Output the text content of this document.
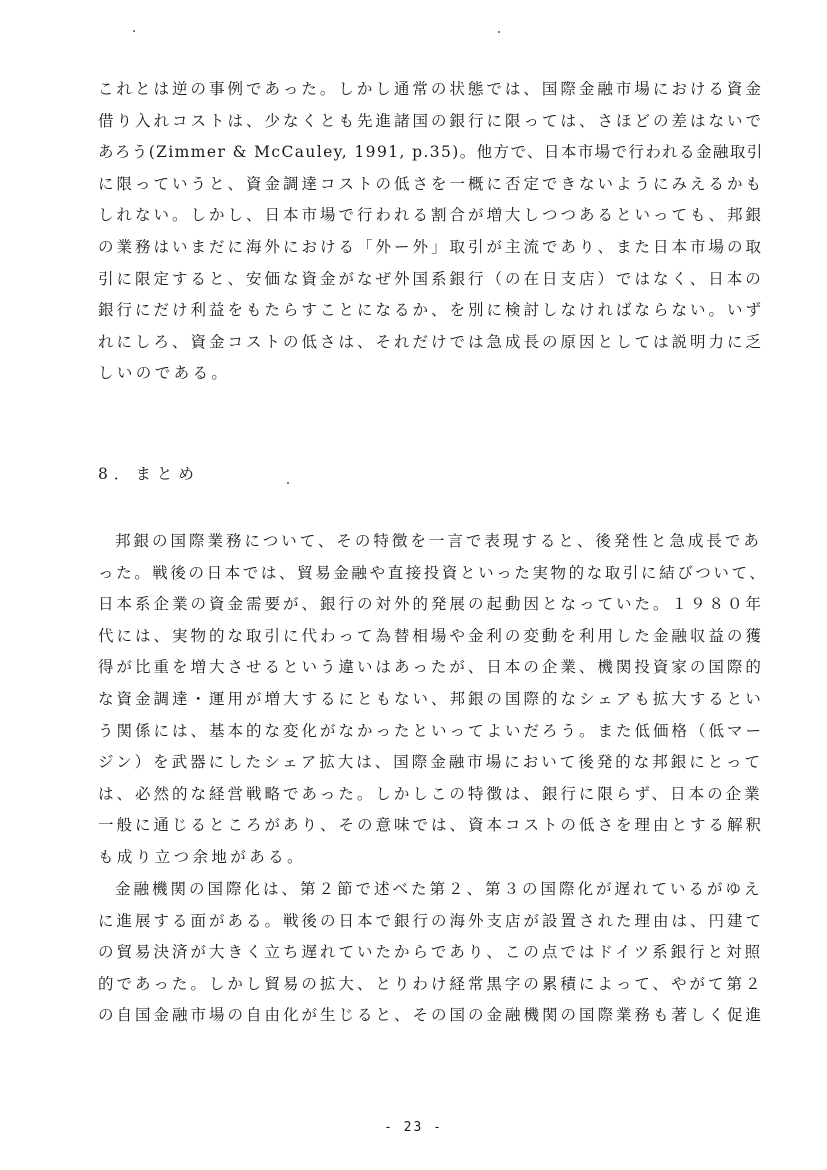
これとは逆の事例であった。しかし通常の状態では、国際金融市場における資金
借り入れコストは、少なくとも先進諸国の銀行に限っては、さほどの差はないで
あろう(Zimmer & McCauley, 1991, p.35)。他方で、日本市場で行われる金融取引
に限っていうと、資金調達コストの低さを一概に否定できないようにみえるかも
しれない。しかし、日本市場で行われる割合が増大しつつあるといっても、邦銀
の業務はいまだに海外における「外ー外」取引が主流であり、また日本市場の取
引に限定すると、安価な資金がなぜ外国系銀行（の在日支店）ではなく、日本の
銀行にだけ利益をもたらすことになるか、を別に検討しなければならない。いず
れにしろ、資金コストの低さは、それだけでは急成長の原因としては説明力に乏
しいのである。
8．まとめ
邦銀の国際業務について、その特徴を一言で表現すると、後発性と急成長であ
った。戦後の日本では、貿易金融や直接投資といった実物的な取引に結びついて、
日本系企業の資金需要が、銀行の対外的発展の起動因となっていた。１９８０年
代には、実物的な取引に代わって為替相場や金利の変動を利用した金融収益の獲
得が比重を増大させるという違いはあったが、日本の企業、機関投資家の国際的
な資金調達・運用が増大するにともない、邦銀の国際的なシェアも拡大するとい
う関係には、基本的な変化がなかったといってよいだろう。また低価格（低マー
ジン）を武器にしたシェア拡大は、国際金融市場において後発的な邦銀にとって
は、必然的な経営戦略であった。しかしこの特徴は、銀行に限らず、日本の企業
一般に通じるところがあり、その意味では、資本コストの低さを理由とする解釈
も成り立つ余地がある。
金融機関の国際化は、第２節で述べた第２、第３の国際化が遅れているがゆえ
に進展する面がある。戦後の日本で銀行の海外支店が設置された理由は、円建て
の貿易決済が大きく立ち遅れていたからであり、この点ではドイツ系銀行と対照
的であった。しかし貿易の拡大、とりわけ経常黒字の累積によって、やがて第２
の自国金融市場の自由化が生じると、その国の金融機関の国際業務も著しく促進
- 23 -
